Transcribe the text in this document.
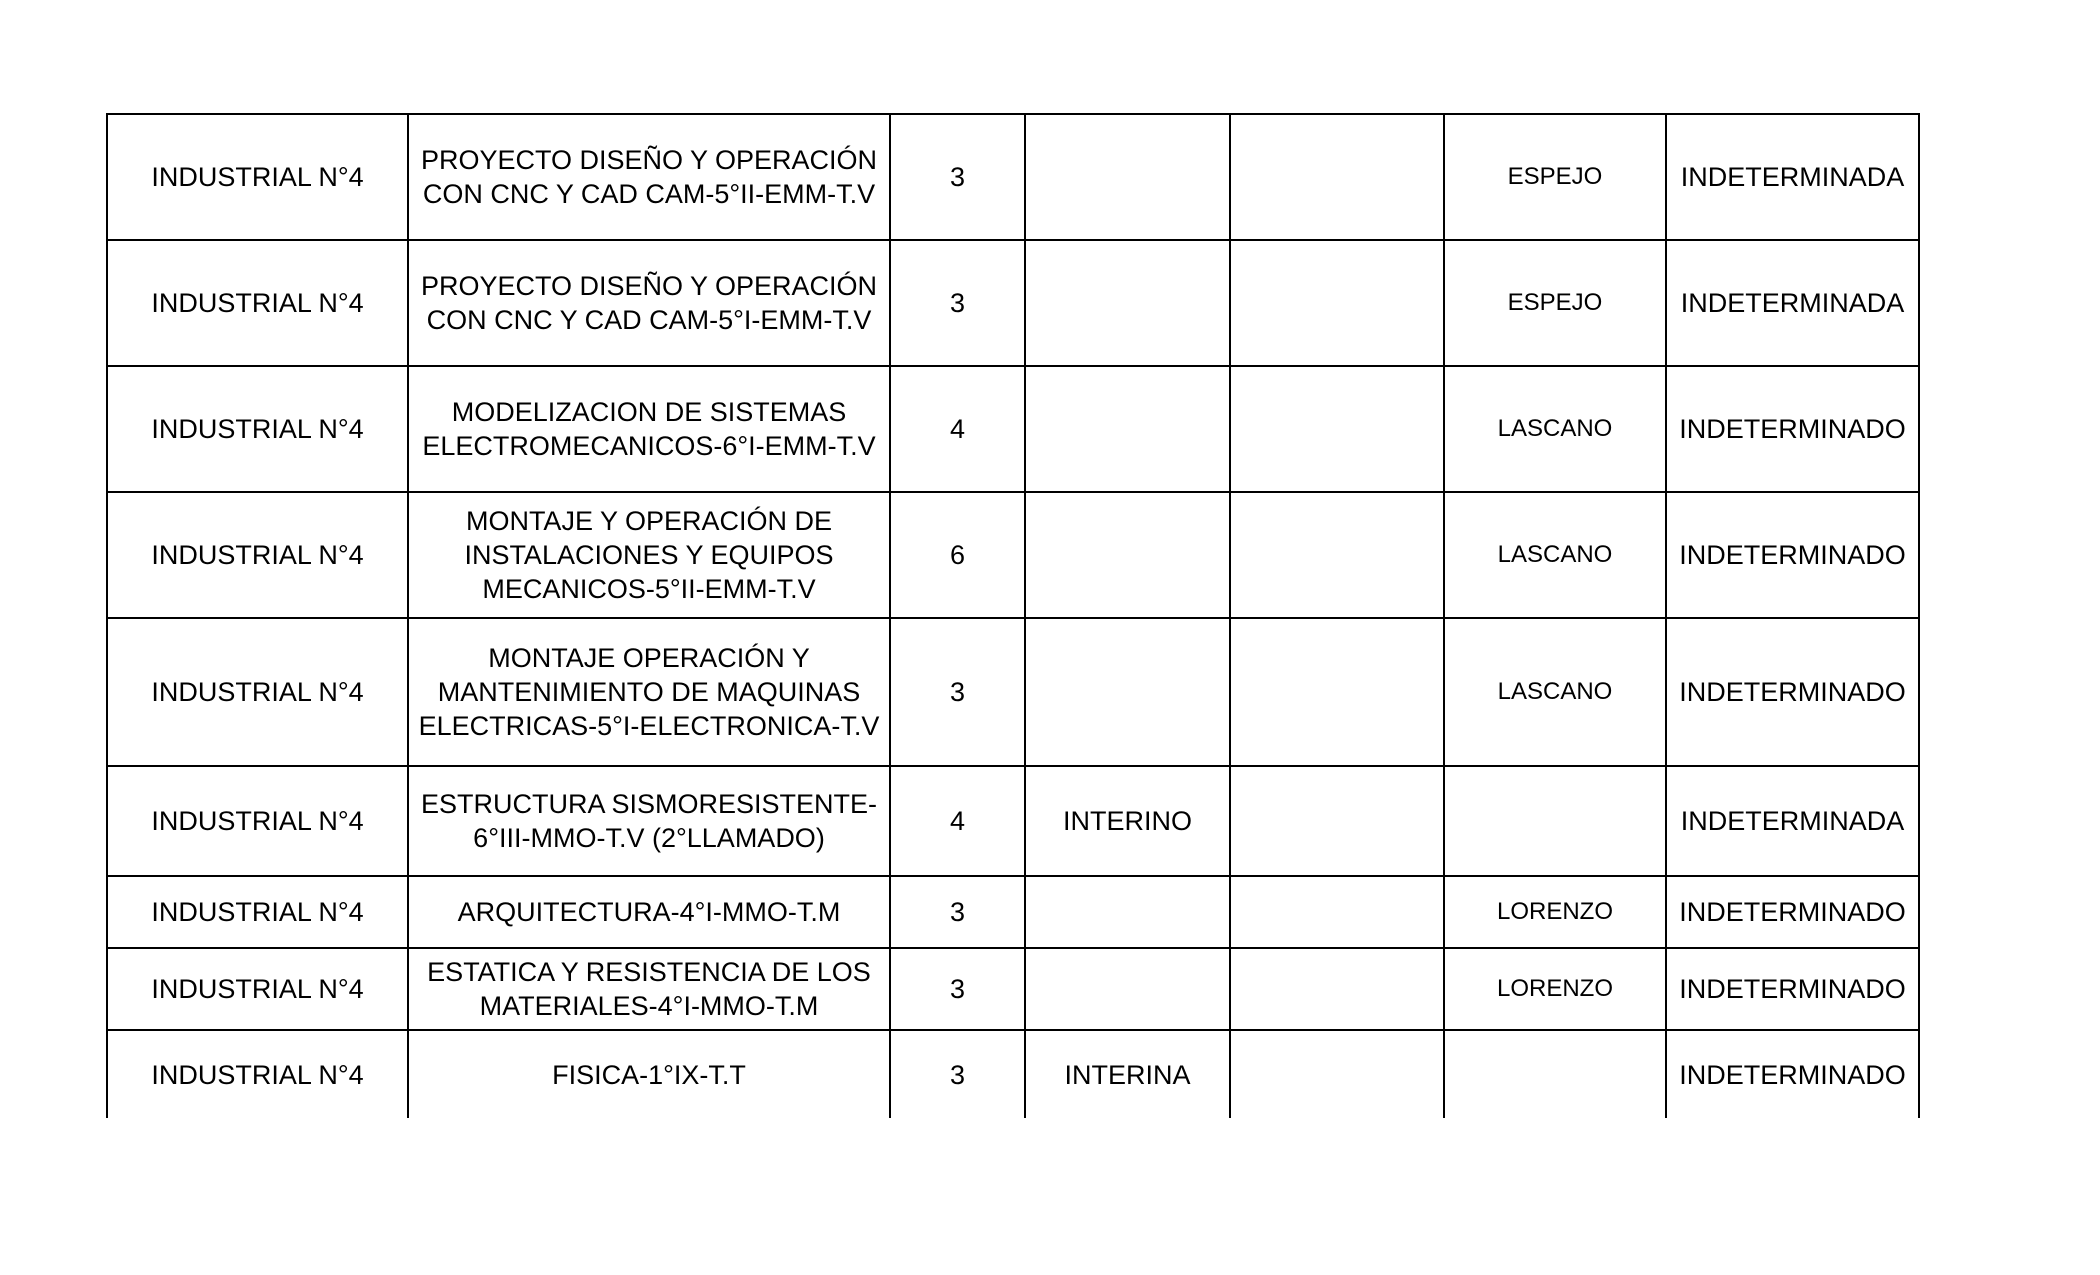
INDUSTRIAL N°4	PROYECTO DISEÑO Y OPERACIÓN
CON CNC Y CAD CAM-5°II-EMM-T.V	3			ESPEJO	INDETERMINADA
INDUSTRIAL N°4	PROYECTO DISEÑO Y OPERACIÓN
CON CNC Y CAD CAM-5°I-EMM-T.V	3			ESPEJO	INDETERMINADA
INDUSTRIAL N°4	MODELIZACION DE SISTEMAS
ELECTROMECANICOS-6°I-EMM-T.V	4			LASCANO	INDETERMINADO
INDUSTRIAL N°4	MONTAJE Y OPERACIÓN DE
INSTALACIONES Y EQUIPOS
MECANICOS-5°II-EMM-T.V	6			LASCANO	INDETERMINADO
INDUSTRIAL N°4	MONTAJE OPERACIÓN Y
MANTENIMIENTO DE MAQUINAS
ELECTRICAS-5°I-ELECTRONICA-T.V	3			LASCANO	INDETERMINADO
INDUSTRIAL N°4	ESTRUCTURA SISMORESISTENTE-
6°III-MMO-T.V (2°LLAMADO)	4	INTERINO			INDETERMINADA
INDUSTRIAL N°4	ARQUITECTURA-4°I-MMO-T.M	3			LORENZO	INDETERMINADO
INDUSTRIAL N°4	ESTATICA Y RESISTENCIA DE LOS
MATERIALES-4°I-MMO-T.M	3			LORENZO	INDETERMINADO
INDUSTRIAL N°4	FISICA-1°IX-T.T	3	INTERINA			INDETERMINADO
